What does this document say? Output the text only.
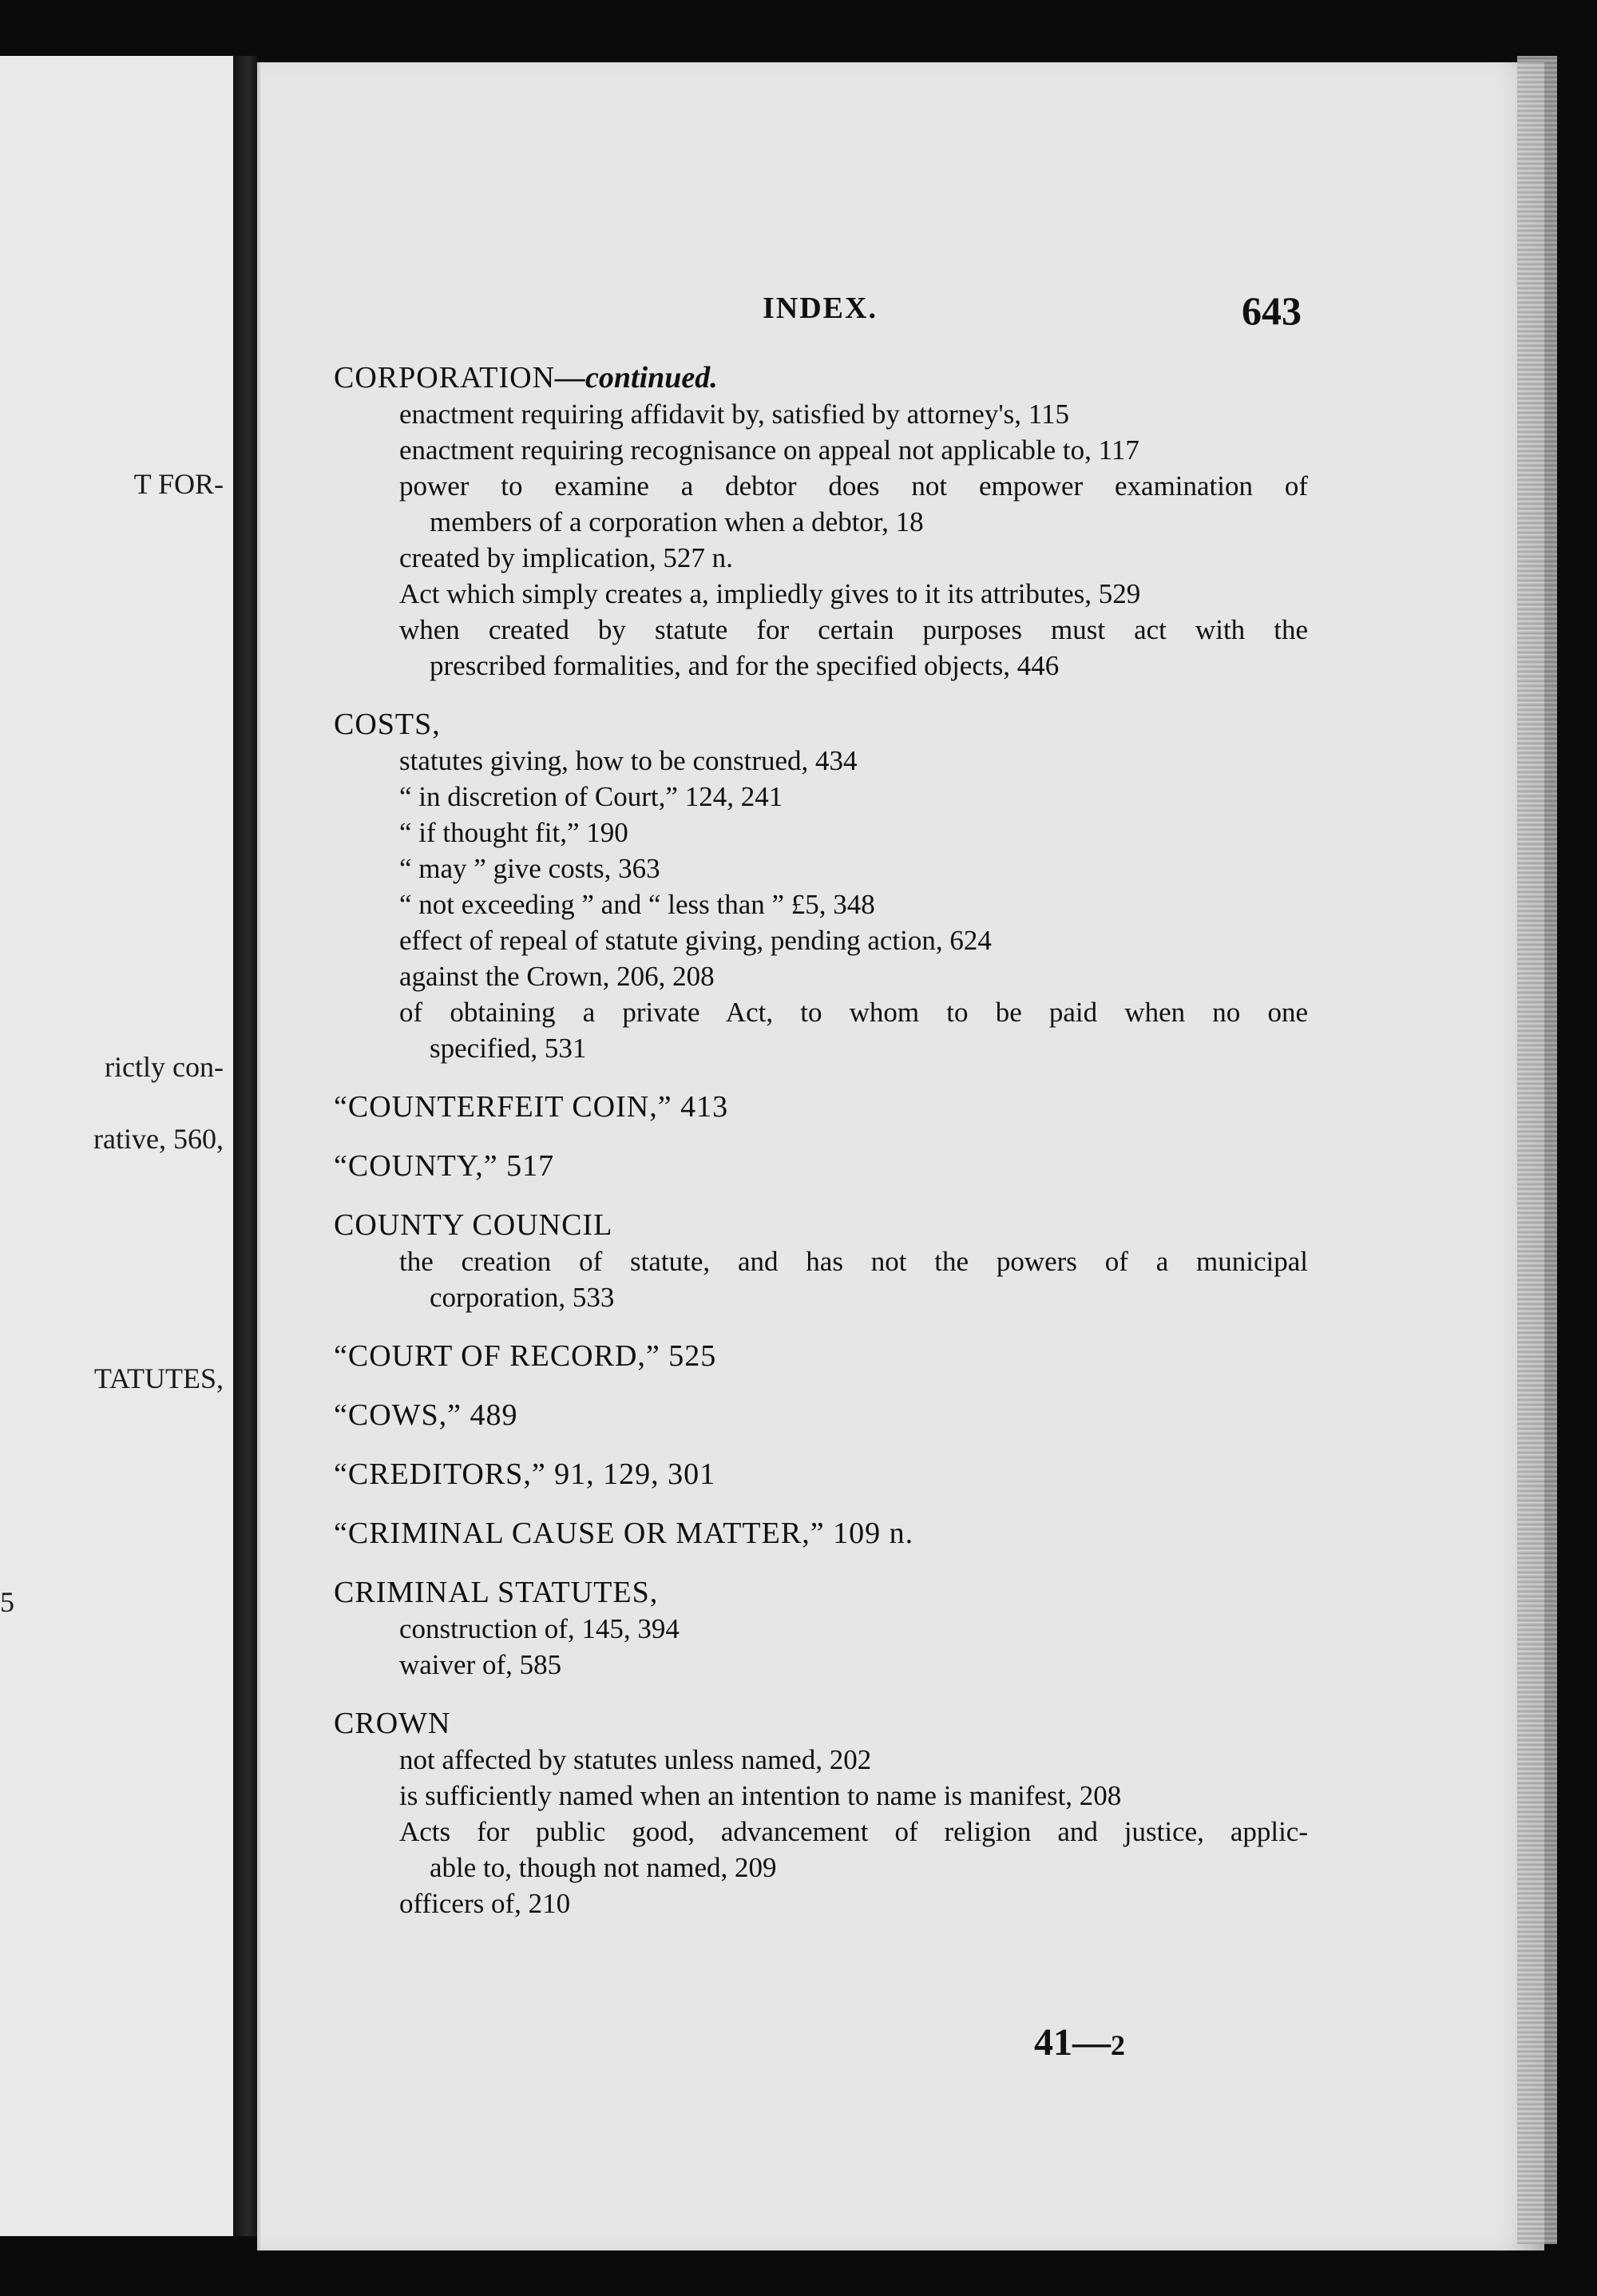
T FOR-
rictly con-
rative, 560,
TATUTES,
5
INDEX.	643
CORPORATION—continued.
enactment requiring affidavit by, satisfied by attorney's, 115
enactment requiring recognisance on appeal not applicable to, 117
power to examine a debtor does not empower examination of
members of a corporation when a debtor, 18
created by implication, 527 n.
Act which simply creates a, impliedly gives to it its attributes, 529
when created by statute for certain purposes must act with the
prescribed formalities, and for the specified objects, 446
COSTS,
statutes giving, how to be construed, 434
“ in discretion of Court,” 124, 241
“ if thought fit,” 190
“ may ” give costs, 363
“ not exceeding ” and “ less than ” £5, 348
effect of repeal of statute giving, pending action, 624
against the Crown, 206, 208
of obtaining a private Act, to whom to be paid when no one
specified, 531
“COUNTERFEIT COIN,” 413
“COUNTY,” 517
COUNTY COUNCIL
the creation of statute, and has not the powers of a municipal
corporation, 533
“COURT OF RECORD,” 525
“COWS,” 489
“CREDITORS,” 91, 129, 301
“CRIMINAL CAUSE OR MATTER,” 109 n.
CRIMINAL STATUTES,
construction of, 145, 394
waiver of, 585
CROWN
not affected by statutes unless named, 202
is sufficiently named when an intention to name is manifest, 208
Acts for public good, advancement of religion and justice, applic-
able to, though not named, 209
officers of, 210
41—2
